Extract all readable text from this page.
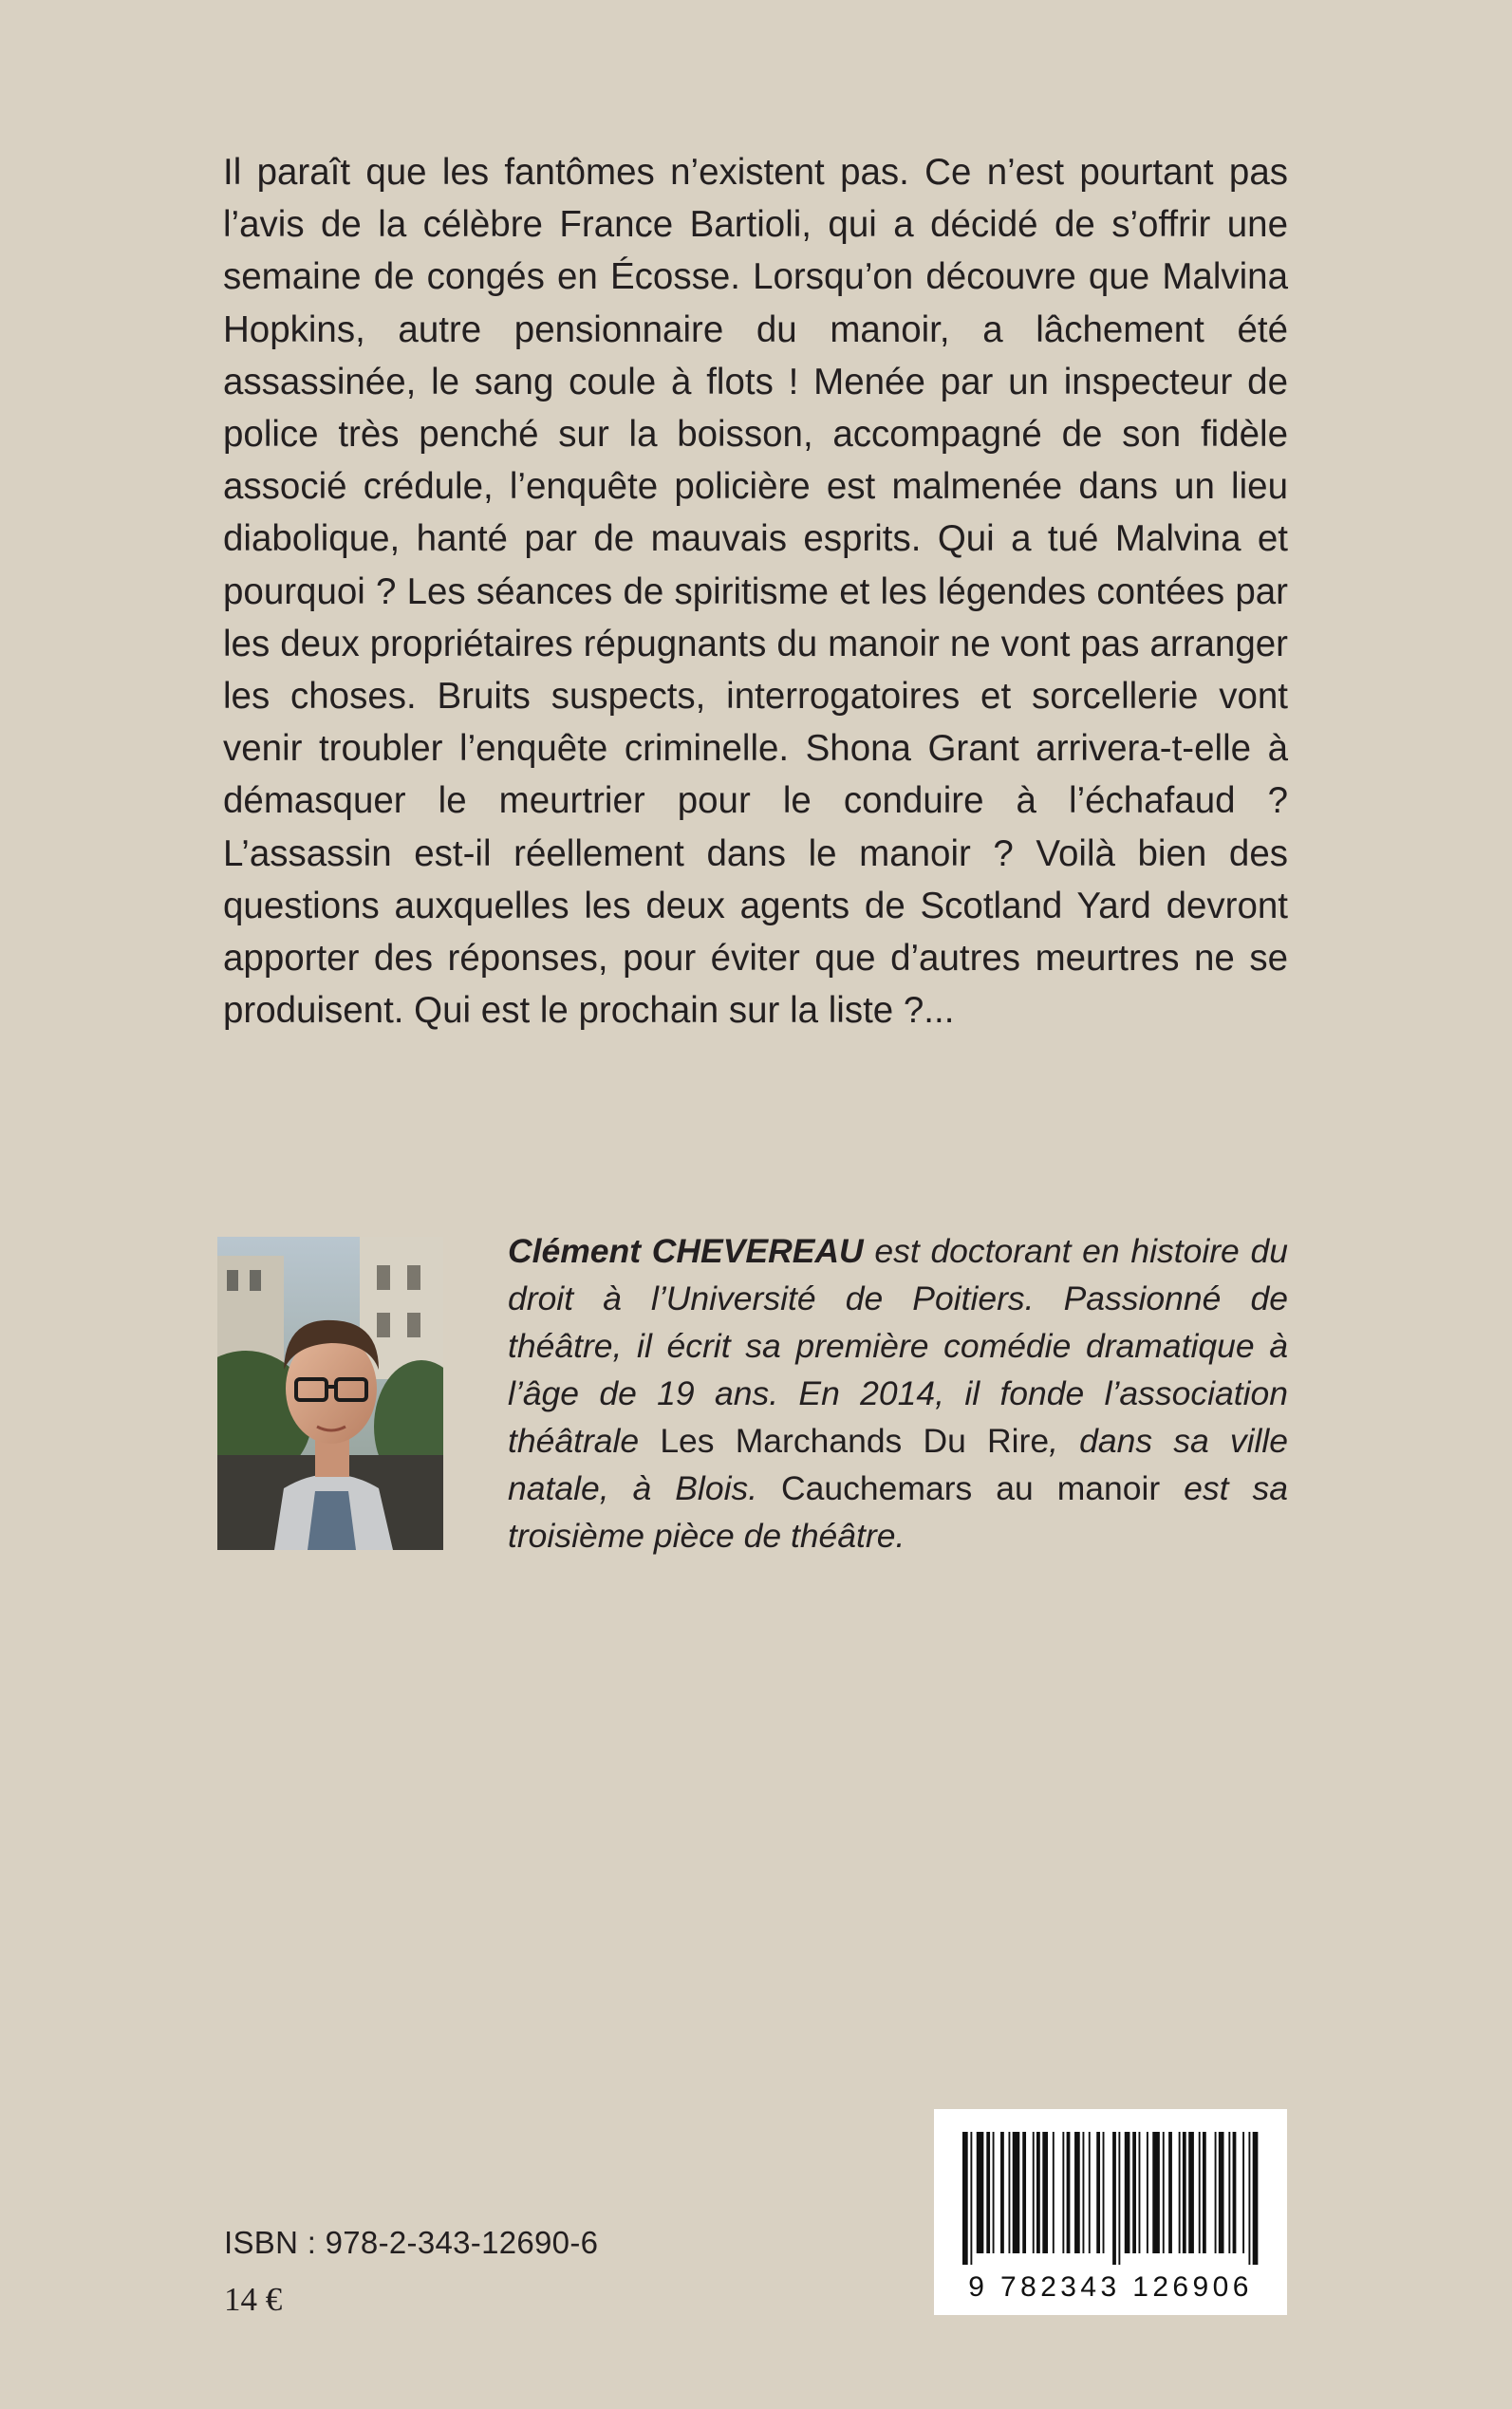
Il paraît que les fantômes n’existent pas. Ce n’est pourtant pas l’avis de la célèbre France Bartioli, qui a décidé de s’offrir une semaine de congés en Écosse. Lorsqu’on découvre que Malvina Hopkins, autre pensionnaire du manoir, a lâchement été assassinée, le sang coule à flots ! Menée par un inspecteur de police très penché sur la boisson, accompagné de son fidèle associé crédule, l’enquête policière est malmenée dans un lieu diabolique, hanté par de mauvais esprits. Qui a tué Malvina et pourquoi ? Les séances de spiritisme et les légendes contées par les deux propriétaires répugnants du manoir ne vont pas arranger les choses. Bruits suspects, interrogatoires et sorcellerie vont venir troubler l’enquête criminelle. Shona Grant arrivera-t-elle à démasquer le meurtrier pour le conduire à l’échafaud ? L’assassin est-il réellement dans le manoir ? Voilà bien des questions auxquelles les deux agents de Scotland Yard devront apporter des réponses, pour éviter que d’autres meurtres ne se produisent. Qui est le prochain sur la liste ?...

Clément CHEVEREAU est doctorant en histoire du droit à l’Université de Poitiers. Passionné de théâtre, il écrit sa première comédie dramatique à l’âge de 19 ans. En 2014, il fonde l’association théâtrale Les Marchands Du Rire, dans sa ville natale, à Blois. Cauchemars au manoir est sa troisième pièce de théâtre.

ISBN : 978-2-343-12690-6

14 €	9 782343 126906
